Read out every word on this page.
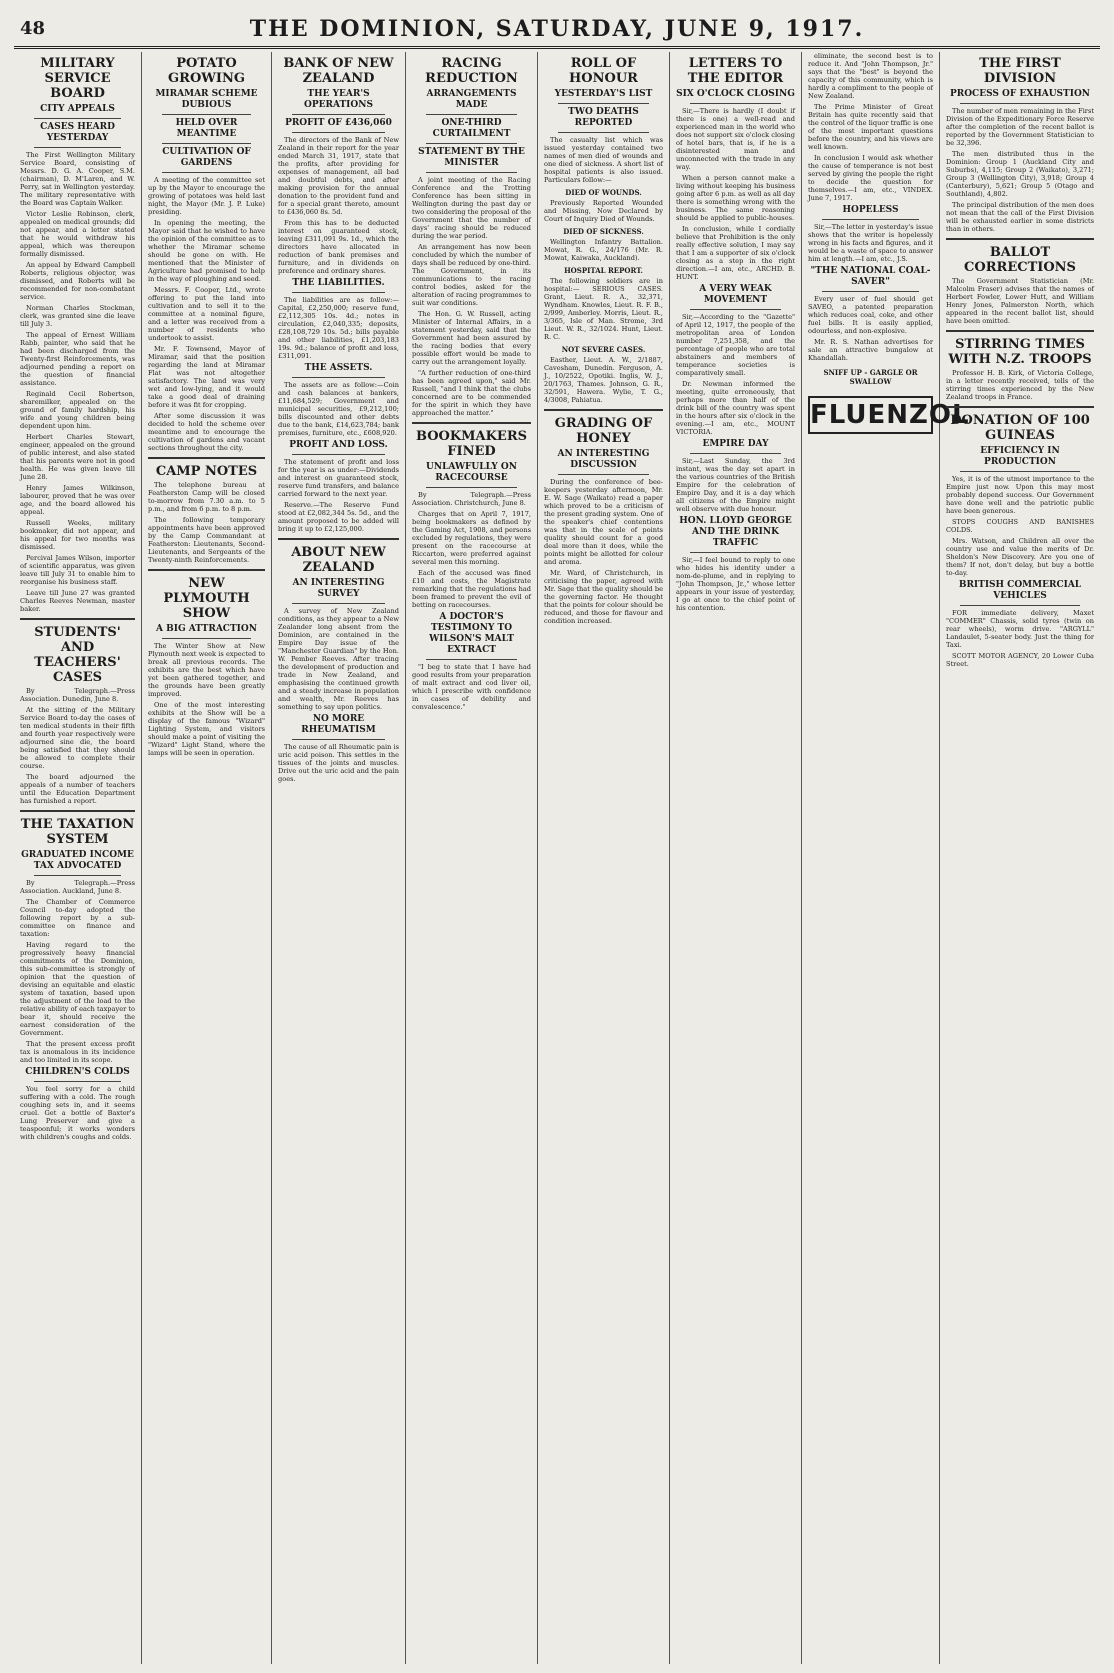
48	THE DOMINION, SATURDAY, JUNE 9, 1917.
MILITARY SERVICE BOARD
CITY APPEALS
CASES HEARD YESTERDAY

The First Wellington Military Service Board, consisting of Messrs. D. G. A. Cooper, S.M. (chairman), D. M'Laren, and W. Perry, sat in Wellington yesterday. The military representative with the Board was Captain Walker.

Victor Leslie Robinson, clerk, appealed on medical grounds; did not appear, and a letter stated that he would withdraw his appeal, which was thereupon formally dismissed.

An appeal by Edward Campbell Roberts, religious objector, was dismissed, and Roberts will be recommended for non-combatant service.

Norman Charles Stockman, clerk, was granted sine die leave till July 3.

The appeal of Ernest William Rabb, painter, who said that he had been discharged from the Twenty-first Reinforcements, was adjourned pending a report on the question of financial assistance.

Reginald Cecil Robertson, sharemilker, appealed on the ground of family hardship, his wife and young children being dependent upon him.

Herbert Charles Stewart, engineer, appealed on the ground of public interest, and also stated that his parents were not in good health. He was given leave till June 28.

Henry James Wilkinson, labourer, proved that he was over age, and the board allowed his appeal.

Russell Weeks, military bookmaker, did not appear, and his appeal for two months was dismissed.

Percival James Wilson, importer of scientific apparatus, was given leave till July 31 to enable him to reorganise his business staff.

Leave till June 27 was granted Charles Reeves Newman, master baker.

STUDENTS' AND TEACHERS' CASES

By Telegraph.—Press Association. Dunedin, June 8.

At the sitting of the Military Service Board to-day the cases of ten medical students in their fifth and fourth year respectively were adjourned sine die, the board being satisfied that they should be allowed to complete their course.

The board adjourned the appeals of a number of teachers until the Education Department has furnished a report.

THE TAXATION SYSTEM
GRADUATED INCOME TAX ADVOCATED

By Telegraph.—Press Association. Auckland, June 8.

The Chamber of Commerce Council to-day adopted the following report by a sub-committee on finance and taxation:

Having regard to the progressively heavy financial commitments of the Dominion, this sub-committee is strongly of opinion that the question of devising an equitable and elastic system of taxation, based upon the adjustment of the load to the relative ability of each taxpayer to bear it, should receive the earnest consideration of the Government.

That the present excess profit tax is anomalous in its incidence and too limited in its scope.

CHILDREN'S COLDS

You feel sorry for a child suffering with a cold. The rough coughing sets in, and it seems cruel. Get a bottle of Baxter's Lung Preserver and give a teaspoonful; it works wonders with children's coughs and colds.

POTATO GROWING
MIRAMAR SCHEME DUBIOUS
HELD OVER MEANTIME
CULTIVATION OF GARDENS

A meeting of the committee set up by the Mayor to encourage the growing of potatoes was held last night, the Mayor (Mr. J. P. Luke) presiding.

In opening the meeting, the Mayor said that he wished to have the opinion of the committee as to whether the Miramar scheme should be gone on with. He mentioned that the Minister of Agriculture had promised to help in the way of ploughing and seed.

Messrs. F. Cooper, Ltd., wrote offering to put the land into cultivation and to sell it to the committee at a nominal figure, and a letter was received from a number of residents who undertook to assist.

Mr. F. Townsend, Mayor of Miramar, said that the position regarding the land at Miramar Flat was not altogether satisfactory. The land was very wet and low-lying, and it would take a good deal of draining before it was fit for cropping.

After some discussion it was decided to hold the scheme over meantime and to encourage the cultivation of gardens and vacant sections throughout the city.

CAMP NOTES

The telephone bureau at Featherston Camp will be closed to-morrow from 7.30 a.m. to 5 p.m., and from 6 p.m. to 8 p.m.

The following temporary appointments have been approved by the Camp Commandant at Featherston: Lieutenants, Second-Lieutenants, and Sergeants of the Twenty-ninth Reinforcements.

NEW PLYMOUTH SHOW
A BIG ATTRACTION

The Winter Show at New Plymouth next week is expected to break all previous records. The exhibits are the best which have yet been gathered together, and the grounds have been greatly improved.

One of the most interesting exhibits at the Show will be a display of the famous "Wizard" Lighting System, and visitors should make a point of visiting the "Wizard" Light Stand, where the lamps will be seen in operation.

BANK OF NEW ZEALAND
THE YEAR'S OPERATIONS
PROFIT OF £436,060

The directors of the Bank of New Zealand in their report for the year ended March 31, 1917, state that the profits, after providing for expenses of management, all bad and doubtful debts, and after making provision for the annual donation to the provident fund and for a special grant thereto, amount to £436,060 8s. 5d.

From this has to be deducted interest on guaranteed stock, leaving £311,091 9s. 1d., which the directors have allocated in reduction of bank premises and furniture, and in dividends on preference and ordinary shares.

THE LIABILITIES.

The liabilities are as follow:—Capital, £2,250,000; reserve fund, £2,112,305 10s. 4d.; notes in circulation, £2,040,335; deposits, £28,108,729 10s. 5d.; bills payable and other liabilities, £1,203,183 19s. 9d.; balance of profit and loss, £311,091.

THE ASSETS.

The assets are as follow:—Coin and cash balances at bankers, £11,684,529; Government and municipal securities, £9,212,100; bills discounted and other debts due to the bank, £14,623,784; bank premises, furniture, etc., £608,920.

PROFIT AND LOSS.

The statement of profit and loss for the year is as under:—Dividends and interest on guaranteed stock, reserve fund transfers, and balance carried forward to the next year.

Reserve.—The Reserve Fund stood at £2,082,344 5s. 5d., and the amount proposed to be added will bring it up to £2,125,000.

ABOUT NEW ZEALAND
AN INTERESTING SURVEY

A survey of New Zealand conditions, as they appear to a New Zealander long absent from the Dominion, are contained in the Empire Day issue of the "Manchester Guardian" by the Hon. W. Pember Reeves. After tracing the development of production and trade in New Zealand, and emphasising the continued growth and a steady increase in population and wealth, Mr. Reeves has something to say upon politics.

NO MORE RHEUMATISM

The cause of all Rheumatic pain is uric acid poison. This settles in the tissues of the joints and muscles. Drive out the uric acid and the pain goes.

RACING REDUCTION
ARRANGEMENTS MADE
ONE-THIRD CURTAILMENT
STATEMENT BY THE MINISTER

A joint meeting of the Racing Conference and the Trotting Conference has been sitting in Wellington during the past day or two considering the proposal of the Government that the number of days' racing should be reduced during the war period.

An arrangement has now been concluded by which the number of days shall be reduced by one-third. The Government, in its communications to the racing control bodies, asked for the alteration of racing programmes to suit war conditions.

The Hon. G. W. Russell, acting Minister of Internal Affairs, in a statement yesterday, said that the Government had been assured by the racing bodies that every possible effort would be made to carry out the arrangement loyally.

"A further reduction of one-third has been agreed upon," said Mr. Russell, "and I think that the clubs concerned are to be commended for the spirit in which they have approached the matter."

BOOKMAKERS FINED
UNLAWFULLY ON RACECOURSE

By Telegraph.—Press Association. Christchurch, June 8.

Charges that on April 7, 1917, being bookmakers as defined by the Gaming Act, 1908, and persons excluded by regulations, they were present on the racecourse at Riccarton, were preferred against several men this morning.

Each of the accused was fined £10 and costs, the Magistrate remarking that the regulations had been framed to prevent the evil of betting on racecourses.

A DOCTOR'S TESTIMONY TO WILSON'S MALT EXTRACT

"I beg to state that I have had good results from your preparation of malt extract and cod liver oil, which I prescribe with confidence in cases of debility and convalescence."

ROLL OF HONOUR
YESTERDAY'S LIST
TWO DEATHS REPORTED

The casualty list which was issued yesterday contained two names of men died of wounds and one died of sickness. A short list of hospital patients is also issued. Particulars follow:—

DIED OF WOUNDS.

Previously Reported Wounded and Missing, Now Declared by Court of Inquiry Died of Wounds.

DIED OF SICKNESS.

Wellington Infantry Battalion. Mowat, R. G., 24/176 (Mr. R. Mowat, Kaiwaka, Auckland).

HOSPITAL REPORT.

The following soldiers are in hospital:— SERIOUS CASES. Grant, Lieut. R. A., 32,371, Wyndham. Knowles, Lieut. R. F. B., 2/999, Amberley. Morris, Lieut. R., 3/365, Isle of Man. Strome, 3rd Lieut. W. R., 32/1024. Hunt, Lieut. R. C.

NOT SEVERE CASES.

Easther, Lieut. A. W., 2/1887, Cavesham, Dunedin. Ferguson, A. J., 10/2522, Opotiki. Inglis, W. J., 20/1763, Thames. Johnson, G. R., 32/591, Hawera. Wylie, T. G., 4/3008, Pahiatua.

GRADING OF HONEY
AN INTERESTING DISCUSSION

During the conference of bee-keepers yesterday afternoon, Mr. E. W. Sage (Waikato) read a paper which proved to be a criticism of the present grading system. One of the speaker's chief contentions was that in the scale of points quality should count for a good deal more than it does, while the points might be allotted for colour and aroma.

Mr. Ward, of Christchurch, in criticising the paper, agreed with Mr. Sage that the quality should be the governing factor. He thought that the points for colour should be reduced, and those for flavour and condition increased.

LETTERS TO THE EDITOR
SIX O'CLOCK CLOSING

Sir,—There is hardly (I doubt if there is one) a well-read and experienced man in the world who does not support six o'clock closing of hotel bars, that is, if he is a disinterested man and unconnected with the trade in any way.

When a person cannot make a living without keeping his business going after 6 p.m. as well as all day there is something wrong with the business. The same reasoning should be applied to public-houses.

In conclusion, while I cordially believe that Prohibition is the only really effective solution, I may say that I am a supporter of six o'clock closing as a step in the right direction.—I am, etc., ARCHD. B. HUNT.

A VERY WEAK MOVEMENT

Sir,—According to the "Gazette" of April 12, 1917, the people of the metropolitan area of London number 7,251,358, and the percentage of people who are total abstainers and members of temperance societies is comparatively small.

Dr. Newman informed the meeting, quite erroneously, that perhaps more than half of the drink bill of the country was spent in the hours after six o'clock in the evening.—I am, etc., MOUNT VICTORIA.

EMPIRE DAY

Sir,—Last Sunday, the 3rd instant, was the day set apart in the various countries of the British Empire for the celebration of Empire Day, and it is a day which all citizens of the Empire might well observe with due honour.

HON. LLOYD GEORGE AND THE DRINK TRAFFIC

Sir,—I feel bound to reply to one who hides his identity under a nom-de-plume, and in replying to "John Thompson, Jr.," whose letter appears in your issue of yesterday, I go at once to the chief point of his contention.

eliminate, the second best is to reduce it. And "John Thompson, Jr." says that the "best" is beyond the capacity of this community, which is hardly a compliment to the people of New Zealand.

The Prime Minister of Great Britain has quite recently said that the control of the liquor traffic is one of the most important questions before the country, and his views are well known.

In conclusion I would ask whether the cause of temperance is not best served by giving the people the right to decide the question for themselves.—I am, etc., VINDEX. June 7, 1917.

HOPELESS

Sir,—The letter in yesterday's issue shows that the writer is hopelessly wrong in his facts and figures, and it would be a waste of space to answer him at length.—I am, etc., J.S.

"THE NATIONAL COAL-SAVER"

Every user of fuel should get SAVEO, a patented preparation which reduces coal, coke, and other fuel bills. It is easily applied, odourless, and non-explosive.

Mr. R. S. Nathan advertises for sale an attractive bungalow at Khandallah.

SNIFF UP - GARGLE OR SWALLOW
FLUENZOL
THE FIRST DIVISION
PROCESS OF EXHAUSTION

The number of men remaining in the First Division of the Expeditionary Force Reserve after the completion of the recent ballot is reported by the Government Statistician to be 32,396.

The men distributed thus in the Dominion: Group 1 (Auckland City and Suburbs), 4,115; Group 2 (Waikato), 3,271; Group 3 (Wellington City), 3,918; Group 4 (Canterbury), 5,621; Group 5 (Otago and Southland), 4,802.

The principal distribution of the men does not mean that the call of the First Division will be exhausted earlier in some districts than in others.

BALLOT CORRECTIONS

The Government Statistician (Mr. Malcolm Fraser) advises that the names of Herbert Fowler, Lower Hutt, and William Henry Jones, Palmerston North, which appeared in the recent ballot list, should have been omitted.

STIRRING TIMES WITH N.Z. TROOPS

Professor H. B. Kirk, of Victoria College, in a letter recently received, tells of the stirring times experienced by the New Zealand troops in France.

DONATION OF 100 GUINEAS
EFFICIENCY IN PRODUCTION

Yes, it is of the utmost importance to the Empire just now. Upon this may most probably depend success. Our Government have done well and the patriotic public have been generous.

STOPS COUGHS AND BANISHES COLDS.

Mrs. Watson, and Children all over the country use and value the merits of Dr. Sheldon's New Discovery. Are you one of them? If not, don't delay, but buy a bottle to-day.

BRITISH COMMERCIAL VEHICLES

FOR immediate delivery, Maxet "COMMER" Chassis, solid tyres (twin on rear wheels), worm drive. "ARGYLL" Landaulet, 5-seater body. Just the thing for Taxi.

SCOTT MOTOR AGENCY, 20 Lower Cuba Street.
